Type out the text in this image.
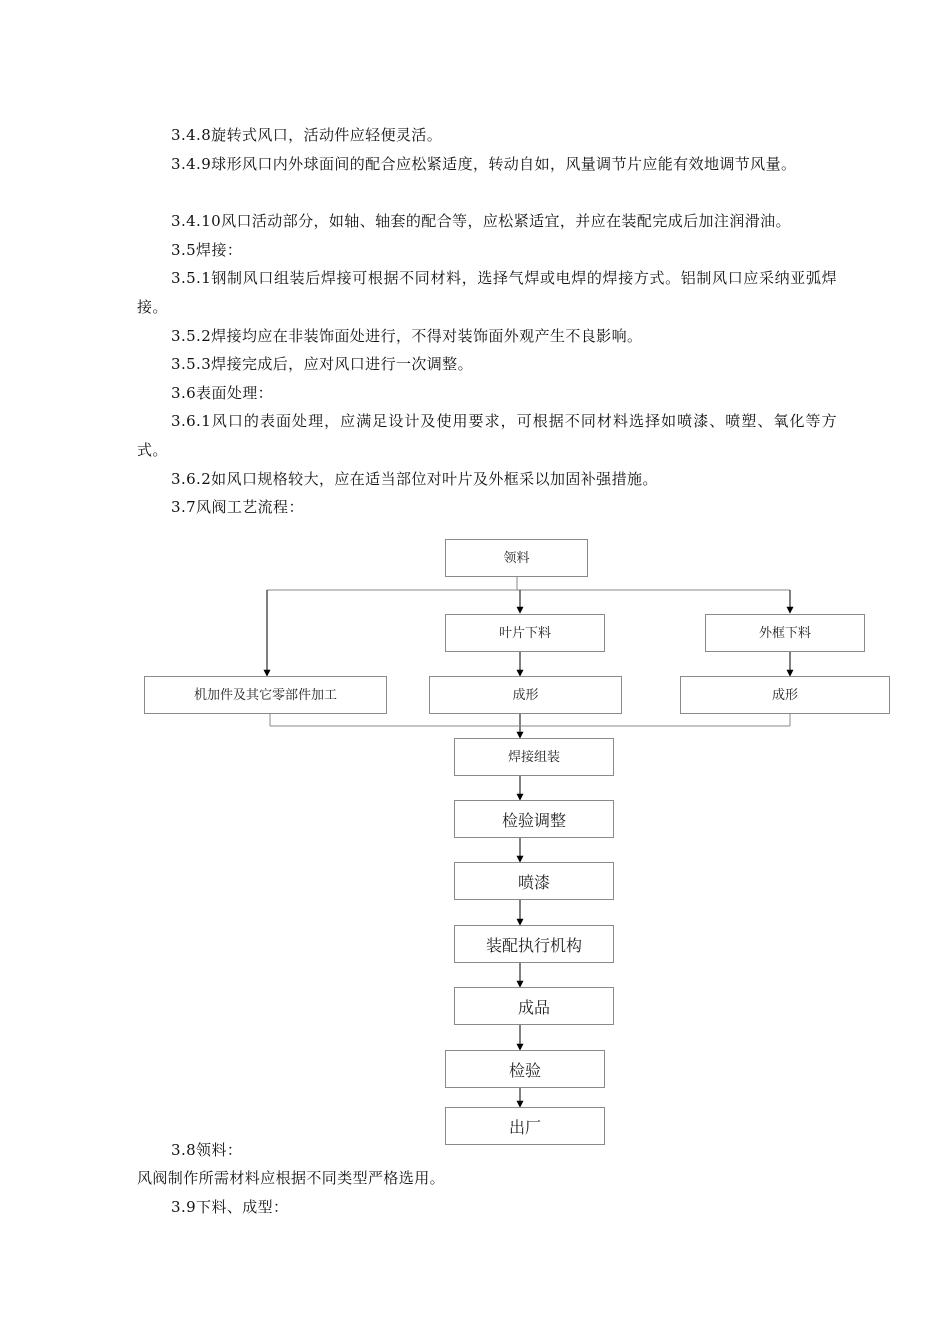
3.4.8旋转式风口，活动件应轻便灵活。

3.4.9球形风口内外球面间的配合应松紧适度，转动自如，风量调节片应能有效地调节风量。

3.4.10风口活动部分，如轴、轴套的配合等，应松紧适宜，并应在装配完成后加注润滑油。

3.5焊接：

3.5.1钢制风口组装后焊接可根据不同材料，选择气焊或电焊的焊接方式。铝制风口应采纳亚弧焊接。

3.5.2焊接均应在非装饰面处进行，不得对装饰面外观产生不良影响。

3.5.3焊接完成后，应对风口进行一次调整。

3.6表面处理：

3.6.1风口的表面处理，应满足设计及使用要求，可根据不同材料选择如喷漆、喷塑、氧化等方式。

3.6.2如风口规格较大，应在适当部位对叶片及外框采以加固补强措施。

3.7风阀工艺流程：

领料
叶片下料	外框下料
机加件及其它零部件加工	成形	成形
焊接组装
检验调整
喷漆
装配执行机构
成品
检验
出厂

3.8领料：

风阀制作所需材料应根据不同类型严格选用。

3.9下料、成型：
